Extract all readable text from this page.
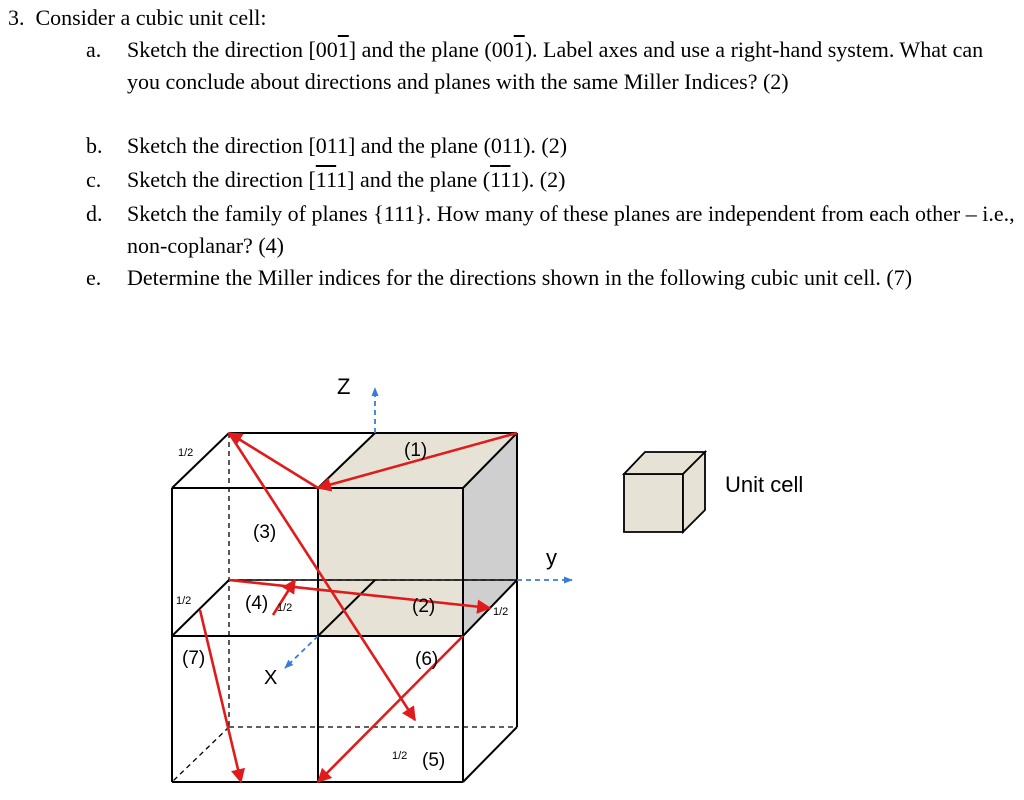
3. Consider a cubic unit cell:
a.	Sketch the direction [001] and the plane (001). Label axes and use a right-hand system. What can you conclude about directions and planes with the same Miller Indices? (2)
b.	Sketch the direction [011] and the plane (011). (2)
c.	Sketch the direction [111] and the plane (111). (2)
d.	Sketch the family of planes {111}. How many of these planes are independent from each other – i.e., non-coplanar? (4)
e.	Determine the Miller indices for the directions shown in the following cubic unit cell. (7)
Z
y
X
(1)
(2)
(3)
(4)
(5)
(6)
(7)
1/2
1/2
1/2	1/2
1/2
Unit cell
